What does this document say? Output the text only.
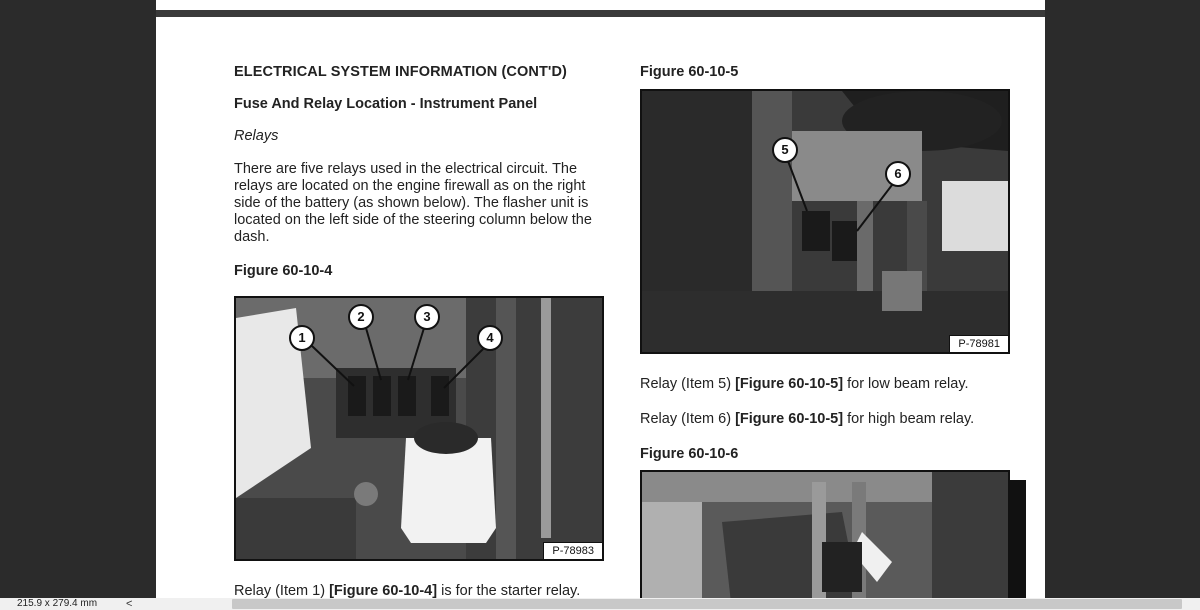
ELECTRICAL SYSTEM INFORMATION (CONT'D)
Fuse And Relay Location - Instrument Panel
Relays
There are five relays used in the electrical circuit. The
relays are located on the engine firewall as on the right
side of the battery (as shown below). The flasher unit is
located on the left side of the steering column below the
dash.
Figure 60-10-4
1
2	3
4
P-78983
Relay (Item 1) [Figure 60-10-4] is for the starter relay.
Figure 60-10-5
5
6
P-78981
Relay (Item 5) [Figure 60-10-5] for low beam relay.
Relay (Item 6) [Figure 60-10-5] for high beam relay.
Figure 60-10-6
215.9 x 279.4 mm	<
